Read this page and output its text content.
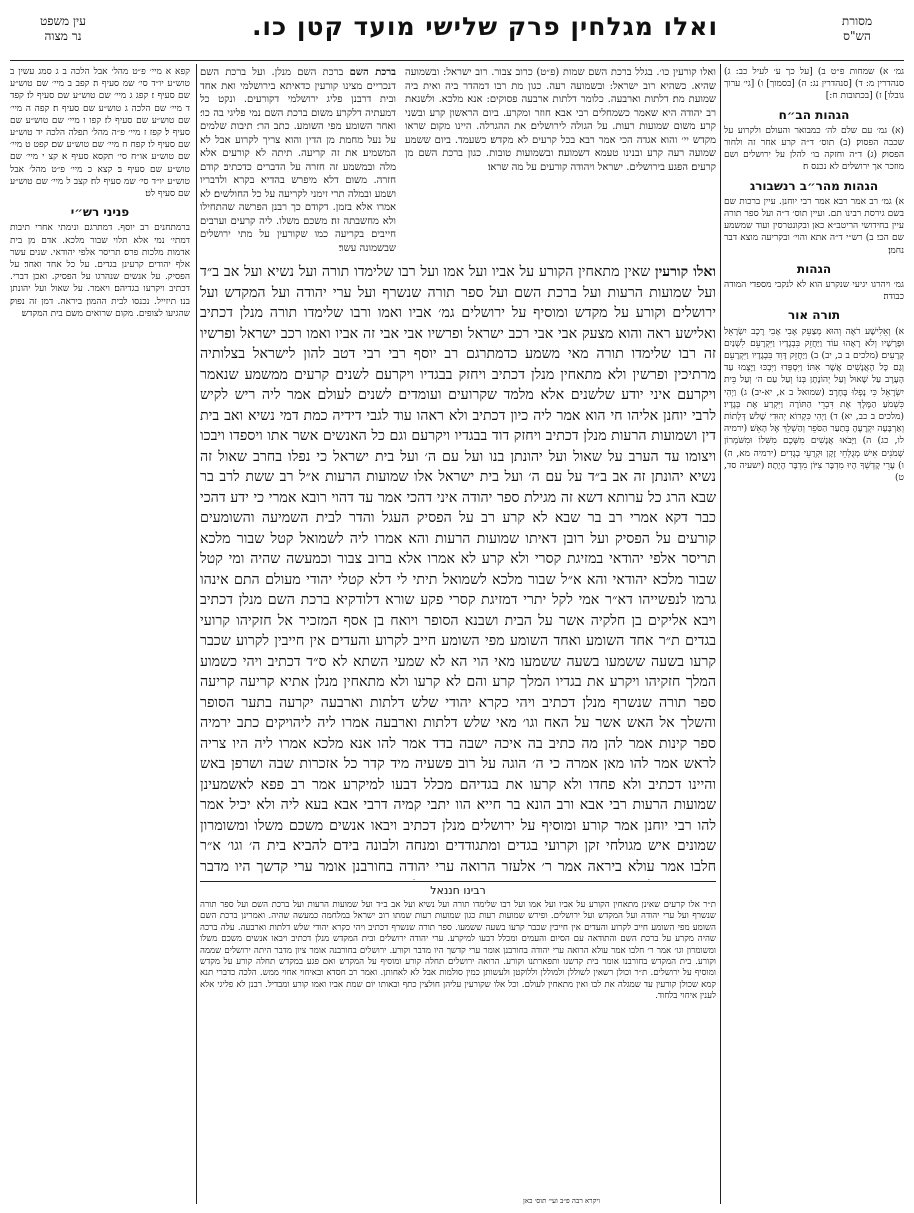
מסורת
הש"ס
ואלו מגלחין פרק שלישי מועד קטן כו.
עין משפט
נר מצוה

גמ׳ א) שמחות פ״ט ב) [על כך ע׳ לעיל כב: ג) סנהדרין מ: ד) [סנהדרין נג: ה) [בסמוך] ו) [גי׳ ערוך גובלו] ז) [בכתובות ח:]

הגהות הב״ח

(א) גמ׳ עם שלם לה׳ כמבואר והעולם ולקרוע על שכבה הפסוק׃ (ב) תוס׳ ד״ה קרע אחר זה ולחור הפסוק׃ (ג) ד״ה וחזקה בו׳ להלן על ירושלים ושם מוזכר אך ירושלים לא נכנס ח׃

הגהות מהר״ב רנשבורג

א) גמ׳ רב אמר רבא אמר רבי יוחנן. עיין ברכות שם בשם גירסת רבינו תם. ועיין תוס׳ ד״ה ועל ספר תורה עיין בחידושי הריטב״א כאן ובקונטרסין ועוד שמשמע שם הכי׃ ב) רש״י ד״ה אתא והוי׳ ובקריעה מוצא דבר נחמן׃

הגהות

גמ׳ ויהרגו יגיעי שנקרע הוא לא לנקבי מספדי המודה כבודה׃

תורה אור

א) וְאֵלִישָׁע רֹאֶה וְהוּא מְצַעֵק אָבִי אָבִי רֶכֶב יִשְׂרָאֵל וּפָרָשָׁיו וְלֹא רָאָהוּ עוֹד וַיַּחֲזֵק בִּבְגָדָיו וַיִּקְרָעֵם לִשְׁנַיִם קְרָעִים׃ (מלכים ב ב, יב) ב) וַיַּחֲזֵק דָּוִד בִּבְגָדָיו וַיִּקְרָעֵם וְגַם כָּל הָאֲנָשִׁים אֲשֶׁר אִתּוֹ׃ וַיִּסְפְּדוּ וַיִּבְכּוּ וַיָּצֻמוּ עַד הָעָרֶב עַל שָׁאוּל וְעַל יְהוֹנָתָן בְּנוֹ וְעַל עַם ה׳ וְעַל בֵּית יִשְׂרָאֵל כִּי נָפְלוּ בֶּחָרֶב׃ (שמואל ב א, יא-יב) ג) וַיְהִי כִּשְׁמֹעַ הַמֶּלֶךְ אֶת דִּבְרֵי הַתּוֹרָה וַיִּקְרַע אֶת בְּגָדָיו׃ (מלכים ב כב, יא) ד) וַיְהִי כִּקְרוֹא יְהוּדִי שָׁלֹשׁ דְּלָתוֹת וְאַרְבָּעָה יִקְרָעֶהָ בְּתַעַר הַסֹּפֵר וְהַשְׁלֵךְ אֶל הָאֵשׁ׃ (ירמיה לו, כג) ה) וַיָּבֹאוּ אֲנָשִׁים מִשְּׁכֶם מִשִּׁלוֹ וּמִשֹּׁמְרוֹן שְׁמֹנִים אִישׁ מְגֻלְּחֵי זָקָן וּקְרֻעֵי בְגָדִים׃ (ירמיה מא, ה) ו) עָרֵי קָדְשְׁךָ הָיוּ מִדְבָּר צִיּוֹן מִדְבָּר הָיָתָה׃ (ישעיה סד, ט)

קפא א מיי׳ פ״ט מהל׳ אבל הלכה ב ג סמג עשין ב טוש״ע יו״ד סי׳ שמ סעיף ה׃ קפב ב מיי׳ שם טוש״ע שם סעיף ז׃ קפג ג מיי׳ שם טוש״ע שם סעיף לו׃ קפד ד מיי׳ שם הלכה ג טוש״ע שם סעיף ח׃ קפה ה מיי׳ שם טוש״ע שם סעיף לז׃ קפו ו מיי׳ שם טוש״ע שם סעיף ל׃ קפז ז מיי׳ פ״ה מהל׳ תפלה הלכה יד טוש״ע שם סעיף לו׃ קפח ח מיי׳ שם טוש״ע שם׃ קפט ט מיי׳ שם טוש״ע או״ח סי׳ תקסא סעיף א׃ קצ י מיי׳ שם טוש״ע שם סעיף ב׃ קצא כ מיי׳ פ״ט מהל׳ אבל טוש״ע יו״ד סי׳ שמ סעיף לח׃ קצב ל מיי׳ שם טוש״ע שם סעיף לט׃

פניני רש״י

ברמתחנים רב יוסף. דמתרגם ונימתי אחרי תיבות דמתי׳ נמי אלא תלוי שבור מלכא. אדם מן בית אדמות מלכות פרס׃ תריסר אלפי יהודאי. שנים עשר אלף יהודים׃ קרעינן בגדים. על כל אחד ואחד׃ על הפסיק. על אנשים שנהרגו על הפסיק. ואכן דברי. דכתיב ויקרעו בגדיהם׃ ויאמר. על שאול ועל יהונתן בנו׃ תיזייל. נכנסו לבית ההמון׃ ביראה. דמן זה נפוק׃ שהגיעו לצופים. מקום שרואים משם בית המקדש׃

ואלו קורעין כו׳. בגלל ברכת השם שמות (פ״ט) כרוב צבור. רוב ישראל: ובשמועה שהיא. כשהיא רוב ישראל: ובשמועה רעה. כגון מת רבו דמהדר ביה ואית ביה שמועת מת׃ דלתות וארבעה. כלומר דלתות ארבעה פסוקים: אנא מלכא. ולשנאת רב יהודה היא שאמר כשמחלים רבי אבא׃ חוזר ומקרע. ביום הראשון קרע ובשני קרע׃ משום שמועות רעות. על הגולה לירושלים׃ את ההגרלה. היינו מקום שראו מקדש יי׳ והוא אגדה הכי אמר רבא בכל קרעים לא מקדש׃ כשעמד. ביום ששמע שמועה רעה קרע ובנינו טעמא דשמועה׃ ובשמועות טובות. כגון ברכת השם מן קרעים׃ הפגע בירושלים. ישראל ויהודה קורעים על מה שראו׃
ברכת השם ברכת השם מנלן. ועל ברכת השם דנכריים מצינו קורעין כדאיתא בירושלמי ואת אחד ובית דרבנן פליג ירושלמי דקורעים. ונקט כל דמעתיה דלקרע משום ברכת השם נמי פליגי בה כו׳׃ ואחר השומע מפי השומע. כתב הר׳׃ תיבות שלמים על נעל מחמת מן הדין והוא צריך לקרוע אבל לא המשמיע׃ את זה קריעה. תיתה לא קורעים אלא מלה ובמשמע זה חזרה על הדברים כדכתיב׃ קודם חזרה. משום דלא מיפרש בהדיא בקרא ולדבריו ושמע ובמלה תרי זימני לקריעה על כל החולשים׃ לא אמרו אלא בזמן. דקודם כך רבנן הפרשה שהתחילו ולא מחשבתה זה׃ משכם משלו. ליה קרעים וערבים חייבים בקריעה כמו שקורעין על מתי ירושלים שבשמונה עשר׃

ואלו קורעין שאין מתאחין הקורע על אביו ועל אמו ועל רבו שלימדו תורה ועל נשיא ועל אב ב״ד ועל שמועות הרעות ועל ברכת השם ועל ספר תורה שנשרף ועל ערי יהודה ועל המקדש ועל ירושלים וקורע על מקדש ומוסיף על ירושלים גמ׳ אביו ואמו ורבו שלימדו תורה מנלן דכתיב ואלישע ראה והוא מצעק אבי אבי רכב ישראל ופרשיו אבי אבי זה אביו ואמו רכב ישראל ופרשיו זה רבו שלימדו תורה מאי משמע כדמתרגם רב יוסף רבי רבי דטב להון לישראל בצלותיה מרתיכין ופרשין ולא מתאחין מנלן דכתיב ויחזק בבגדיו ויקרעם לשנים קרעים ממשמע שנאמר ויקרעם איני יודע שלשנים אלא מלמד שקרועים ועומדים לשנים לעולם אמר ליה ריש לקיש לרבי יוחנן אליהו חי הוא אמר ליה כיון דכתיב ולא ראהו עוד לגבי דידיה כמת דמי נשיא ואב בית דין ושמועות הרעות מנלן דכתיב ויחזק דוד בבגדיו ויקרעם וגם כל האנשים אשר אתו ויספדו ויבכו ויצומו עד הערב על שאול ועל יהונתן בנו ועל עם ה׳ ועל בית ישראל כי נפלו בחרב שאול זה נשיא יהונתן זה אב ב״ד על עם ה׳ ועל בית ישראל אלו שמועות הרעות א״ל רב ששת לרב בר שבא הרג כל ערותא דשא זה מגילת ספר יהודה איני דהכי אמר עד דהוי רובא אמרי כי ידע דהכי כבר דקא אמרי רב בר שבא לא קרע רב על הפסיק העגל והדר לבית השמיעה והשומעים קורעים על הפסיק ועל רובן דאיתו שמועות הרעות והא אמרו ליה לשמואל קטל שבור מלכא תריסר אלפי יהודאי במזיגת קסרי ולא קרע לא אמרו אלא ברוב צבור וכמעשה שהיה ומי קטל שבור מלכא יהודאי והא א״ל שבור מלכא לשמואל תיתי לי דלא קטלי יהודי מעולם התם אינהו גרמו לנפשייהו דא״ר אמי לקל יתרי דמזיגת קסרי פקע שורא דלודקיא ברכת השם מנלן דכתיב ויבא אליקים בן חלקיה אשר על הבית ושבנא הסופר ויואח בן אסף המזכיר אל חזקיהו קרועי בגדים ת״ר אחד השומע ואחד השומע מפי השומע חייב לקרוע והעדים אין חייבין לקרוע שכבר קרעו בשעה ששמעו בשעה ששמעו מאי הוי הא לא שמעי השתא לא ס״ד דכתיב ויהי כשמוע המלך חזקיהו ויקרע את בגדיו המלך קרע והם לא קרעו ולא מתאחין מנלן אתיא קריעה קריעה ספר תורה שנשרף מנלן דכתיב ויהי כקרא יהודי שלש דלתות וארבעה יקרעה בתער הסופר והשלך אל האש אשר על האח וגו׳ מאי שלש דלתות וארבעה אמרו ליה ליהויקים כתב ירמיה ספר קינות אמר להן מה כתיב בה איכה ישבה בדד אמר להו אנא מלכא אמרו ליה היו צריה לראש אמר להו מאן אמרה כי ה׳ הוגה על רוב פשעיה מיד קדר כל אזכרות שבה ושרפן באש והיינו דכתיב ולא פחדו ולא קרעו את בגדיהם מכלל דבעו למיקרע אמר רב פפא לאשמעינן שמועות הרעות רבי אבא ורב הונא בר חייא הוו יתבי קמיה דרבי אבא בעא ליה ולא יכיל אמר להו רבי יוחנן אמר קורע ומוסיף על ירושלים מנלן דכתיב ויבאו אנשים משכם משלו ומשומרון שמונים איש מגולחי זקן וקרועי בגדים ומתגודדים ומנחה ולבונה בידם להביא בית ה׳ וגו׳ א״ר חלבו אמר עולא ביראה אמר ר׳ אלעזר הרואה ערי יהודה בחורבנן אומר ערי קדשך היו מדבר

רבינו חננאל
ת״ר אלו קרעים שאינן מתאחין הקורע על אביו ועל אמו ועל רבו שלימדו תורה ועל נשיא ועל אב ב״ד ועל שמועות הרעות ועל ברכת השם ועל ספר תורה שנשרף ועל ערי יהודה ועל המקדש ועל ירושלים. ופירש שמועות רעות כגון שמועות רעות שמתו רוב ישראל במלחמה כמעשה שהיה. ואמרינן ברכת השם השומע מפי השומע חייב לקרוע והעדים אין חייבין שכבר קרעו בשעה ששמעו. ספר תורה שנשרף דכתיב ויהי כקרא יהודי שלש דלתות וארבעה. עלה ברכה שהיה מקרע על ברכת השם והתודאה עם הסיום והעמים ומכלל דבעו למיקרע. ערי יהודה ירושלים ובית המקדש מנלן דכתיב ויבאו אנשים משכם משלו ומשומרון וגו׳ אמר ר׳ חלבו אמר עולא הרואה ערי יהודה בחורבנן אומר ערי קדשך היו מדבר וקורע. ירושלים בחורבנה אומר ציון מדבר היתה ירושלים שממה וקורע. בית המקדש בחורבנו אומר בית קדשנו ותפארתנו וקורע. הרואה ירושלים תחלה קורע ומוסיף על המקדש ואם פגע במקדש תחלה קורע על מקדש ומוסיף על ירושלים. ת״ר וכולן רשאין לשוללן ולמוללן וללוקטן ולעשותן כמין סולמות אבל לא לאחותן. ואמר רב חסדא ובאיחוי אחוי ממש. הלכה כדברי תנא קמא שכולן קורעין עד שמגלה את לבו ואין מתאחין לעולם. וכל אלו שקורעין עליהן חולצין כתף ובאותו יום שמת אביו ואמו קורע ומבדיל. רבנן לא פליגי אלא לענין איחוי בלחוד.
ויקרא רבה פ״ב ועי׳ תוס׳ כאן
